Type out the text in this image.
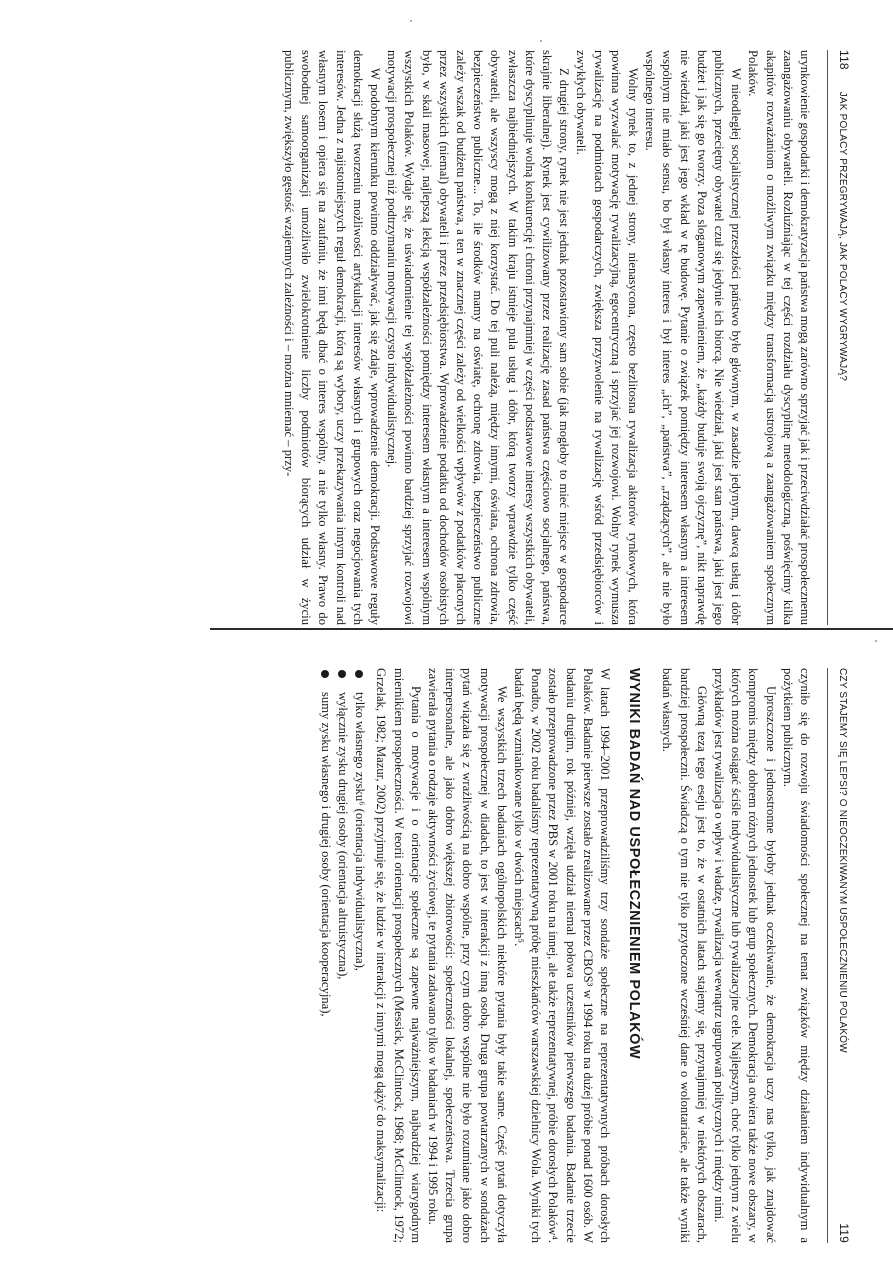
118
JAK POLACY PRZEGRYWAJĄ, JAK POLACY WYGRYWAJĄ?

urynkowienie gospodarki i demokratyzacja państwa mogą zarówno sprzyjać jak i przeciwdziałać prospołecznemu zaangażowaniu obywateli. Rozluźniając w tej części rozdziału dyscyplinę metodologiczną, poświęcimy kilka akapitów rozważaniom o możliwym związku między transformacją ustrojową a zaangażowaniem społecznym Polaków.

W nieodległej socjalistycznej przeszłości państwo było głównym, w zasadzie jedynym, dawcą usług i dóbr publicznych, przeciętny obywatel czuł się jedynie ich biorcą. Nie wiedział, jaki jest stan państwa, jaki jest jego budżet i jak się go tworzy. Poza sloganowym zapewnieniem, że „każdy buduje swoją ojczyznę”, nikt naprawdę nie wiedział, jaki jest jego wkład w tę budowę. Pytanie o związek pomiędzy interesem własnym a interesem wspólnym nie miało sensu, bo był własny interes i był interes „ich”, „państwa”, „rządzących”, ale nie było wspólnego interesu.

Wolny rynek to, z jednej strony, nienasycona, często bezlitosna rywalizacja aktorów rynkowych, która powinna wyzwalać motywację rywalizacyjną, egocentryczną i sprzyjać jej rozwojowi. Wolny rynek wymusza rywalizację na podmiotach gospodarczych, zwiększa przyzwolenie na rywalizację wśród przedsiębiorców i zwykłych obywateli.

Z drugiej strony, rynek nie jest jednak pozostawiony sam sobie (jak mogłoby to mieć miejsce w gospodarce skrajnie liberalnej). Rynek jest cywilizowany przez realizację zasad państwa częściowo socjalnego, państwa, które dyscyplinuje wolną konkurencję i chroni przynajmniej w części podstawowe interesy wszystkich obywateli, zwłaszcza najbiedniejszych. W takim kraju istnieje pula usług i dóbr, którą tworzy wprawdzie tylko część obywateli, ale wszyscy mogą z niej korzystać. Do tej puli należą, między innymi, oświata, ochrona zdrowia, bezpieczeństwo publiczne... To, ile środków mamy na oświatę, ochronę zdrowia, bezpieczeństwo publiczne zależy wszak od budżetu państwa, a ten w znacznej części zależy od wielkości wpływów z podatków płaconych przez wszystkich (niemal) obywateli i przez przedsiębiorstwa. Wprowadzenie podatku od dochodów osobistych było, w skali masowej, najlepszą lekcją współzależności pomiędzy interesem własnym a interesem wspólnym wszystkich Polaków. Wydaje się, że uświadomienie tej współzależności powinno bardziej sprzyjać rozwojowi motywacji prospołecznej niż podtrzymaniu motywacji czysto indywidualistycznej.

W podobnym kierunku powinno oddziaływać, jak się zdaje, wprowadzenie demokracji. Podstawowe reguły demokracji służą tworzeniu możliwości artykulacji interesów własnych i grupowych oraz negocjowania tych interesów. Jedna z najistotniejszych reguł demokracji, którą są wybory, uczy przekazywania innym kontroli nad własnym losem i opiera się na zaufaniu, że inni będą dbać o interes wspólny, a nie tylko własny. Prawo do swobodnej samoorganizacji umożliwiło zwielokrotnienie liczby podmiotów biorących udział w życiu publicznym, zwiększyło gęstość wzajemnych zależności i – można mniemać – przy-

CZY STAJEMY SIĘ LEPSI? O NIEOCZEKIWANYM USPOŁECZNIENIU POLAKÓW
119

czyniło się do rozwoju świadomości społecznej na temat związków między działaniem indywidualnym a pożytkiem publicznym.

Uproszczone i jednostronne byłoby jednak oczekiwanie, że demokracja uczy nas tylko, jak znajdować kompromis między dobrem różnych jednostek lub grup społecznych. Demokracja otwiera także nowe obszary, w których można osiągać ściśle indywidualistyczne lub rywalizacyjne cele. Najlepszym, choć tylko jednym z wielu przykładów jest rywalizacja o wpływ i władzę, rywalizacja wewnątrz ugrupowań politycznych i między nimi.

Główną tezą tego eseju jest to, że w ostatnich latach stajemy się, przynajmniej w niektórych obszarach, bardziej prospołeczni. Świadczą o tym nie tylko przytoczone wcześniej dane o wolontariacie, ale także wyniki badań własnych.

WYNIKI BADAŃ NAD USPOŁECZNIENIEM POLAKÓW

W latach 1994–2001 przeprowadziliśmy trzy sondaże społeczne na reprezentatywnych próbach dorosłych Polaków. Badanie pierwsze zostało zrealizowane przez CBOS³ w 1994 roku na dużej próbie ponad 1600 osób. W badaniu drugim, rok później, wzięła udział niemal połowa uczestników pierwszego badania. Badanie trzecie zostało przeprowadzone przez PBS w 2001 roku na innej, ale także reprezentatywnej, próbie dorosłych Polaków⁴. Ponadto, w 2002 roku badaliśmy reprezentatywną próbę mieszkańców warszawskiej dzielnicy Wola. Wyniki tych badań będą wzmiankowane tylko w dwóch miejscach⁵.

We wszystkich trzech badaniach ogólnopolskich niektóre pytania były takie same. Część pytań dotyczyła motywacji prospołecznej w diadach, to jest w interakcji z inną osobą. Druga grupa powtarzanych w sondażach pytań wiązała się z wrażliwością na dobro wspólne, przy czym dobro wspólne nie było rozumiane jako dobro interpersonalne, ale jako dobro większej zbiorowości: społeczności lokalnej, społeczeństwa. Trzecia grupa zawierała pytania o rodzaje aktywności życiowej, te pytania zadawano tylko w badaniach w 1994 i 1995 roku.

Pytania o motywacje i o orientacje społeczne są zapewne najważniejszym, najbardziej wiarygodnym miernikiem prospołeczności. W teorii orientacji prospołecznych (Messick, McClintock, 1968; McClintock, 1972; Grzelak, 1982; Mazur, 2002) przyjmuje się, że ludzie w interakcji z innymi mogą dążyć do maksymalizacji:

tylko własnego zysku⁶ (orientacja indywidualistyczna),
wyłącznie zysku drugiej osoby (orientacja altruistyczna),
sumy zysku własnego i drugiej osoby (orientacja kooperacyjna),
